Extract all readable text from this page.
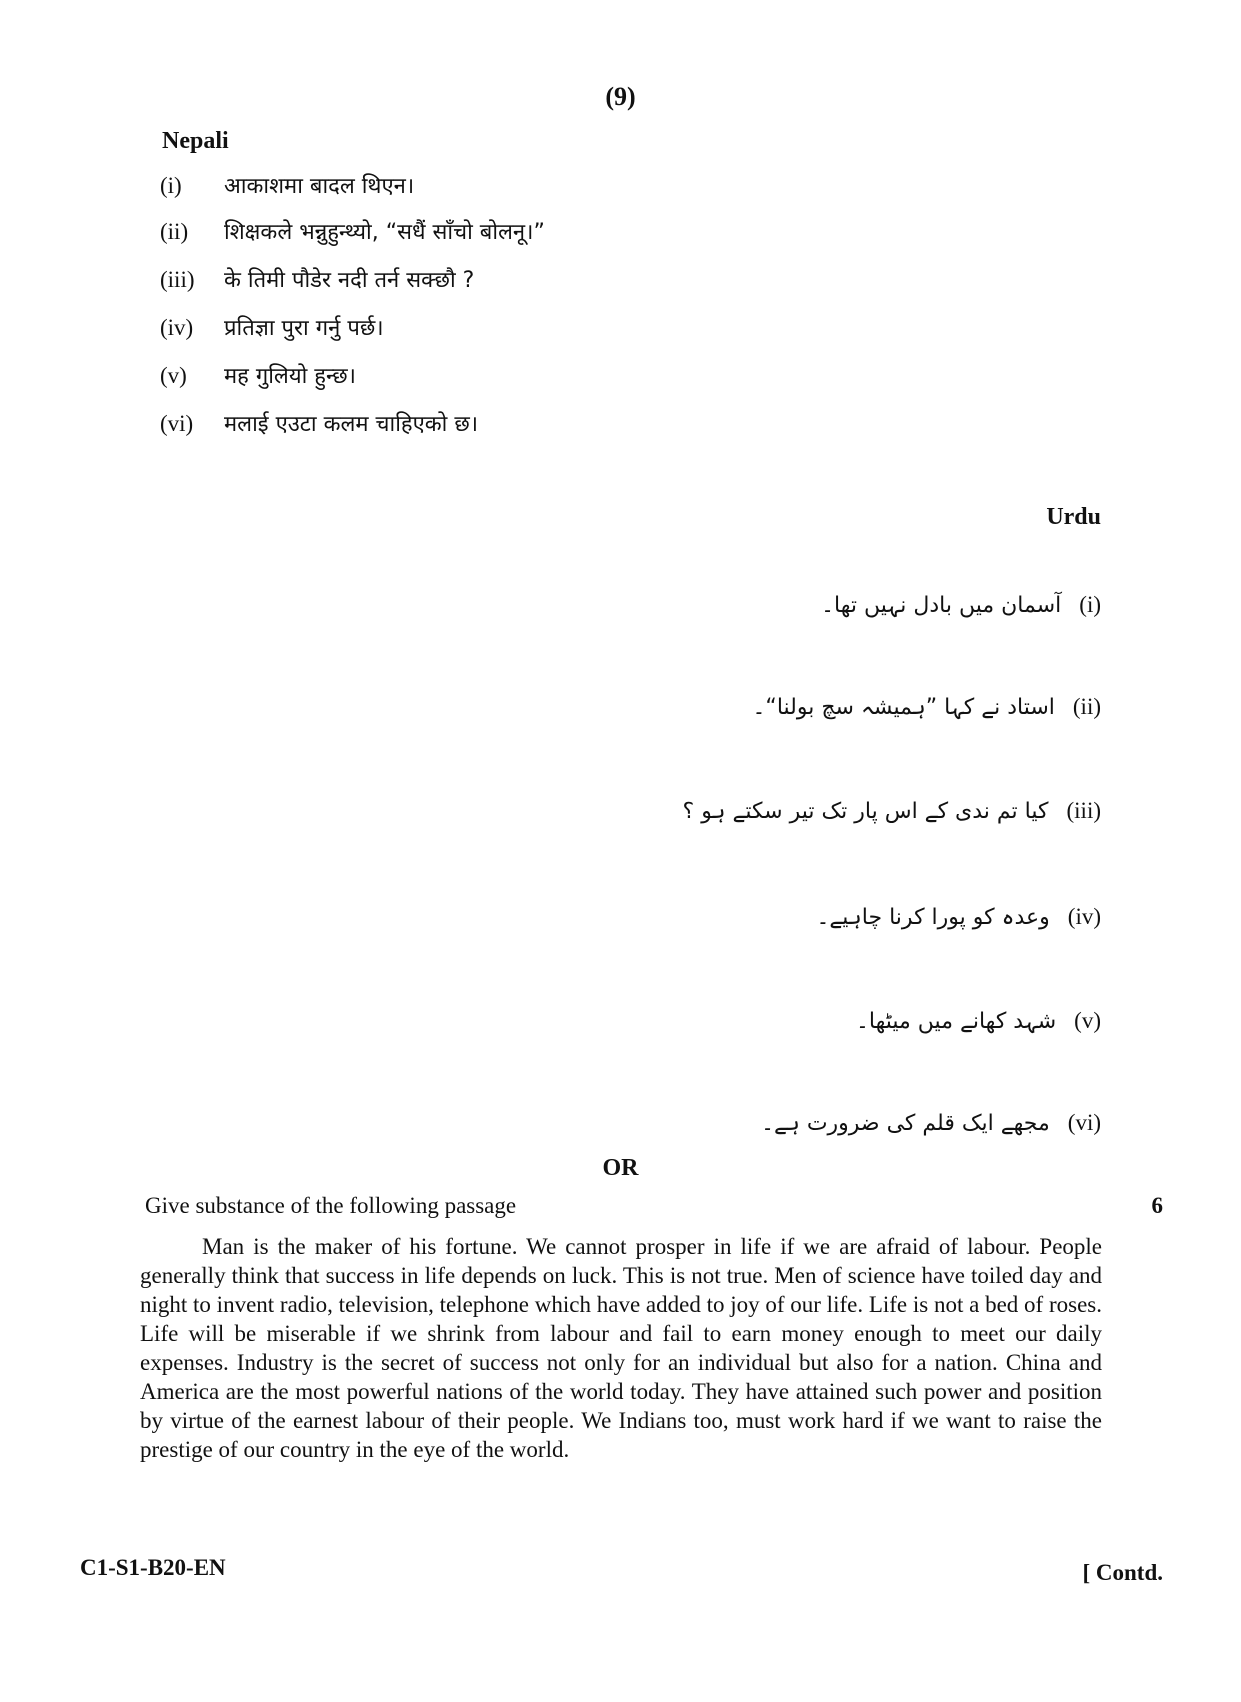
(9)
Nepali
(i)	आकाशमा बादल थिएन।
(ii)	शिक्षकले भन्नुहुन्थ्यो, “सधैं साँचो बोलनू।”
(iii)	के तिमी पौडेर नदी तर्न सक्छौ ?
(iv)	प्रतिज्ञा पुरा गर्नु पर्छ।
(v)	मह गुलियो हुन्छ।
(vi)	मलाई एउटा कलम चाहिएको छ।
Urdu
آسمان میں بادل نہیں تھا۔ (i)
استاد نے کہا ”ہمیشہ سچ بولنا“۔ (ii)
کیا تم ندی کے اس پار تک تیر سکتے ہو ؟ (iii)
وعدہ کو پورا کرنا چاہیے۔ (iv)
شہد کھانے میں میٹھا۔ (v)
مجھے ایک قلم کی ضرورت ہے۔ (vi)
OR
Give substance of the following passage	6
Man is the maker of his fortune. We cannot prosper in life if we are afraid of labour. People generally think that success in life depends on luck. This is not true. Men of science have toiled day and night to invent radio, television, telephone which have added to joy of our life. Life is not a bed of roses. Life will be miserable if we shrink from labour and fail to earn money enough to meet our daily expenses. Industry is the secret of success not only for an individual but also for a nation. China and America are the most powerful nations of the world today. They have attained such power and position by virtue of the earnest labour of their people. We Indians too, must work hard if we want to raise the prestige of our country in the eye of the world.
C1-S1-B20-EN	[ Contd.
